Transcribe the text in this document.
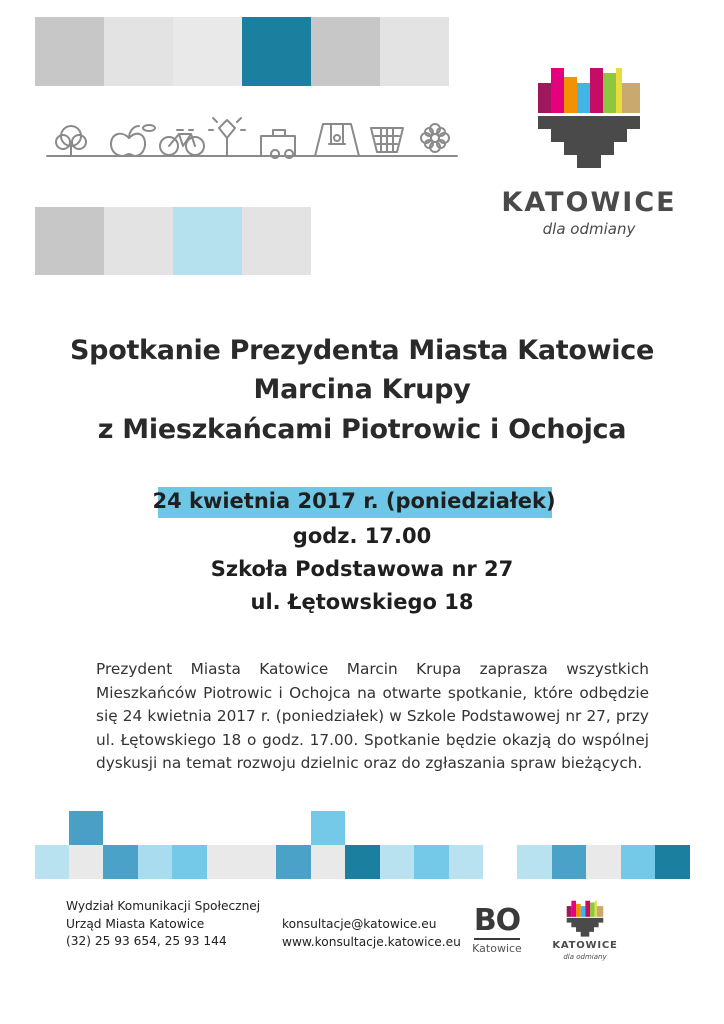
KATOWICE
dla odmiany
Spotkanie Prezydenta Miasta Katowice
Marcina Krupy
z Mieszkańcami Piotrowic i Ochojca
24 kwietnia 2017 r. (poniedziałek)
godz. 17.00
Szkoła Podstawowa nr 27
ul. Łętowskiego 18
Prezydent Miasta Katowice Marcin Krupa zaprasza wszystkich Mieszkańców Piotrowic i Ochojca na otwarte spotkanie, które odbędzie się 24 kwietnia 2017 r. (poniedziałek) w Szkole Podstawowej nr 27, przy ul. Łętowskiego 18 o godz. 17.00. Spotkanie będzie okazją do wspólnej dyskusji na temat rozwoju dzielnic oraz do zgłaszania spraw bieżących.
Wydział Komunikacji Społecznej
Urząd Miasta Katowice
(32) 25 93 654, 25 93 144
konsultacje@katowice.eu
www.konsultacje.katowice.eu
BO
Katowice	KATOWICE
dla odmiany
